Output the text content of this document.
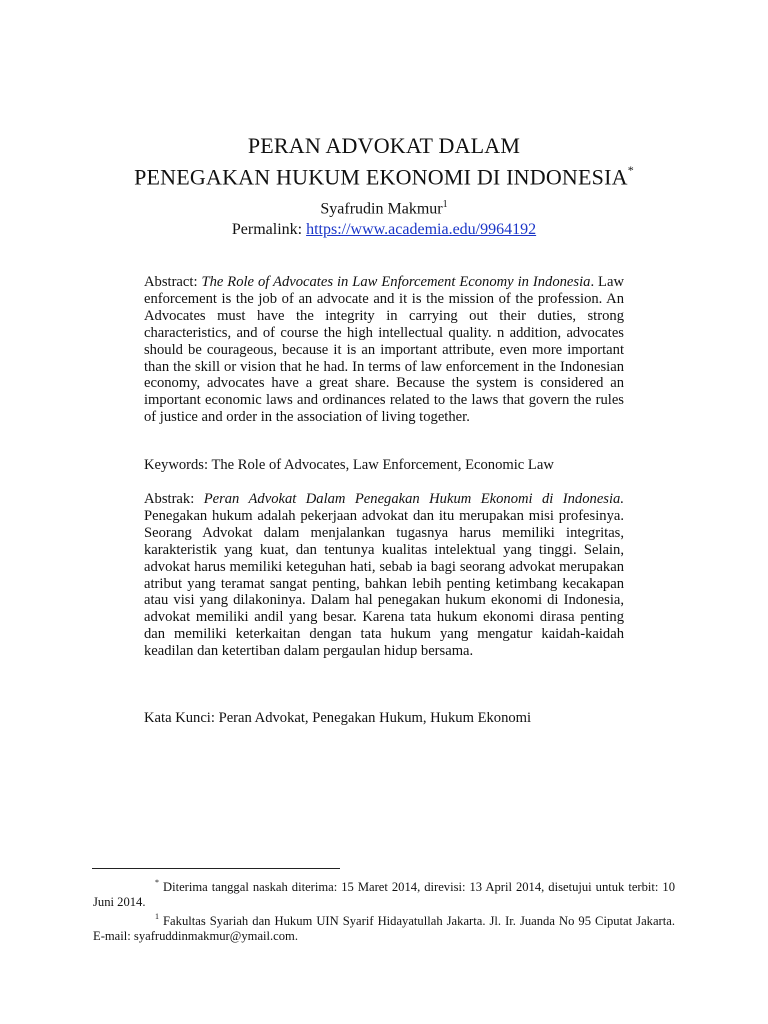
PERAN ADVOKAT DALAM

PENEGAKAN HUKUM EKONOMI DI INDONESIA*

Syafrudin Makmur$^1$
Permalink: https://www.academia.edu/9964192
Abstract: The Role of Advocates in Law Enforcement Economy in Indonesia. Law enforcement is the job of an advocate and it is the mission of the profession. An Advocates must have the integrity in carrying out their duties, strong characteristics, and of course the high intellectual quality. n addition, advocates should be courageous, because it is an important attribute, even more important than the skill or vision that he had. In terms of law enforcement in the Indonesian economy, advocates have a great share. Because the system is considered an important economic laws and ordinances related to the laws that govern the rules of justice and order in the association of living together.
Keywords: The Role of Advocates, Law Enforcement, Economic Law
Abstrak: Peran Advokat Dalam Penegakan Hukum Ekonomi di Indonesia. Penegakan hukum adalah pekerjaan advokat dan itu merupakan misi profesinya. Seorang Advokat dalam menjalankan tugasnya harus memiliki integritas, karakteristik yang kuat, dan tentunya kualitas intelektual yang tinggi. Selain, advokat harus memiliki keteguhan hati, sebab ia bagi seorang advokat merupakan atribut yang teramat sangat penting, bahkan lebih penting ketimbang kecakapan atau visi yang dilakoninya. Dalam hal penegakan hukum ekonomi di Indonesia, advokat memiliki andil yang besar. Karena tata hukum ekonomi dirasa penting dan memiliki keterkaitan dengan tata hukum yang mengatur kaidah-kaidah keadilan dan ketertiban dalam pergaulan hidup bersama.
Kata Kunci: Peran Advokat, Penegakan Hukum, Hukum Ekonomi

* Diterima tanggal naskah diterima: 15 Maret 2014, direvisi: 13 April 2014, disetujui untuk terbit: 10 Juni 2014.

$^1$ Fakultas Syariah dan Hukum UIN Syarif Hidayatullah Jakarta. Jl. Ir. Juanda No 95 Ciputat Jakarta. E-mail: syafruddinmakmur@ymail.com.
